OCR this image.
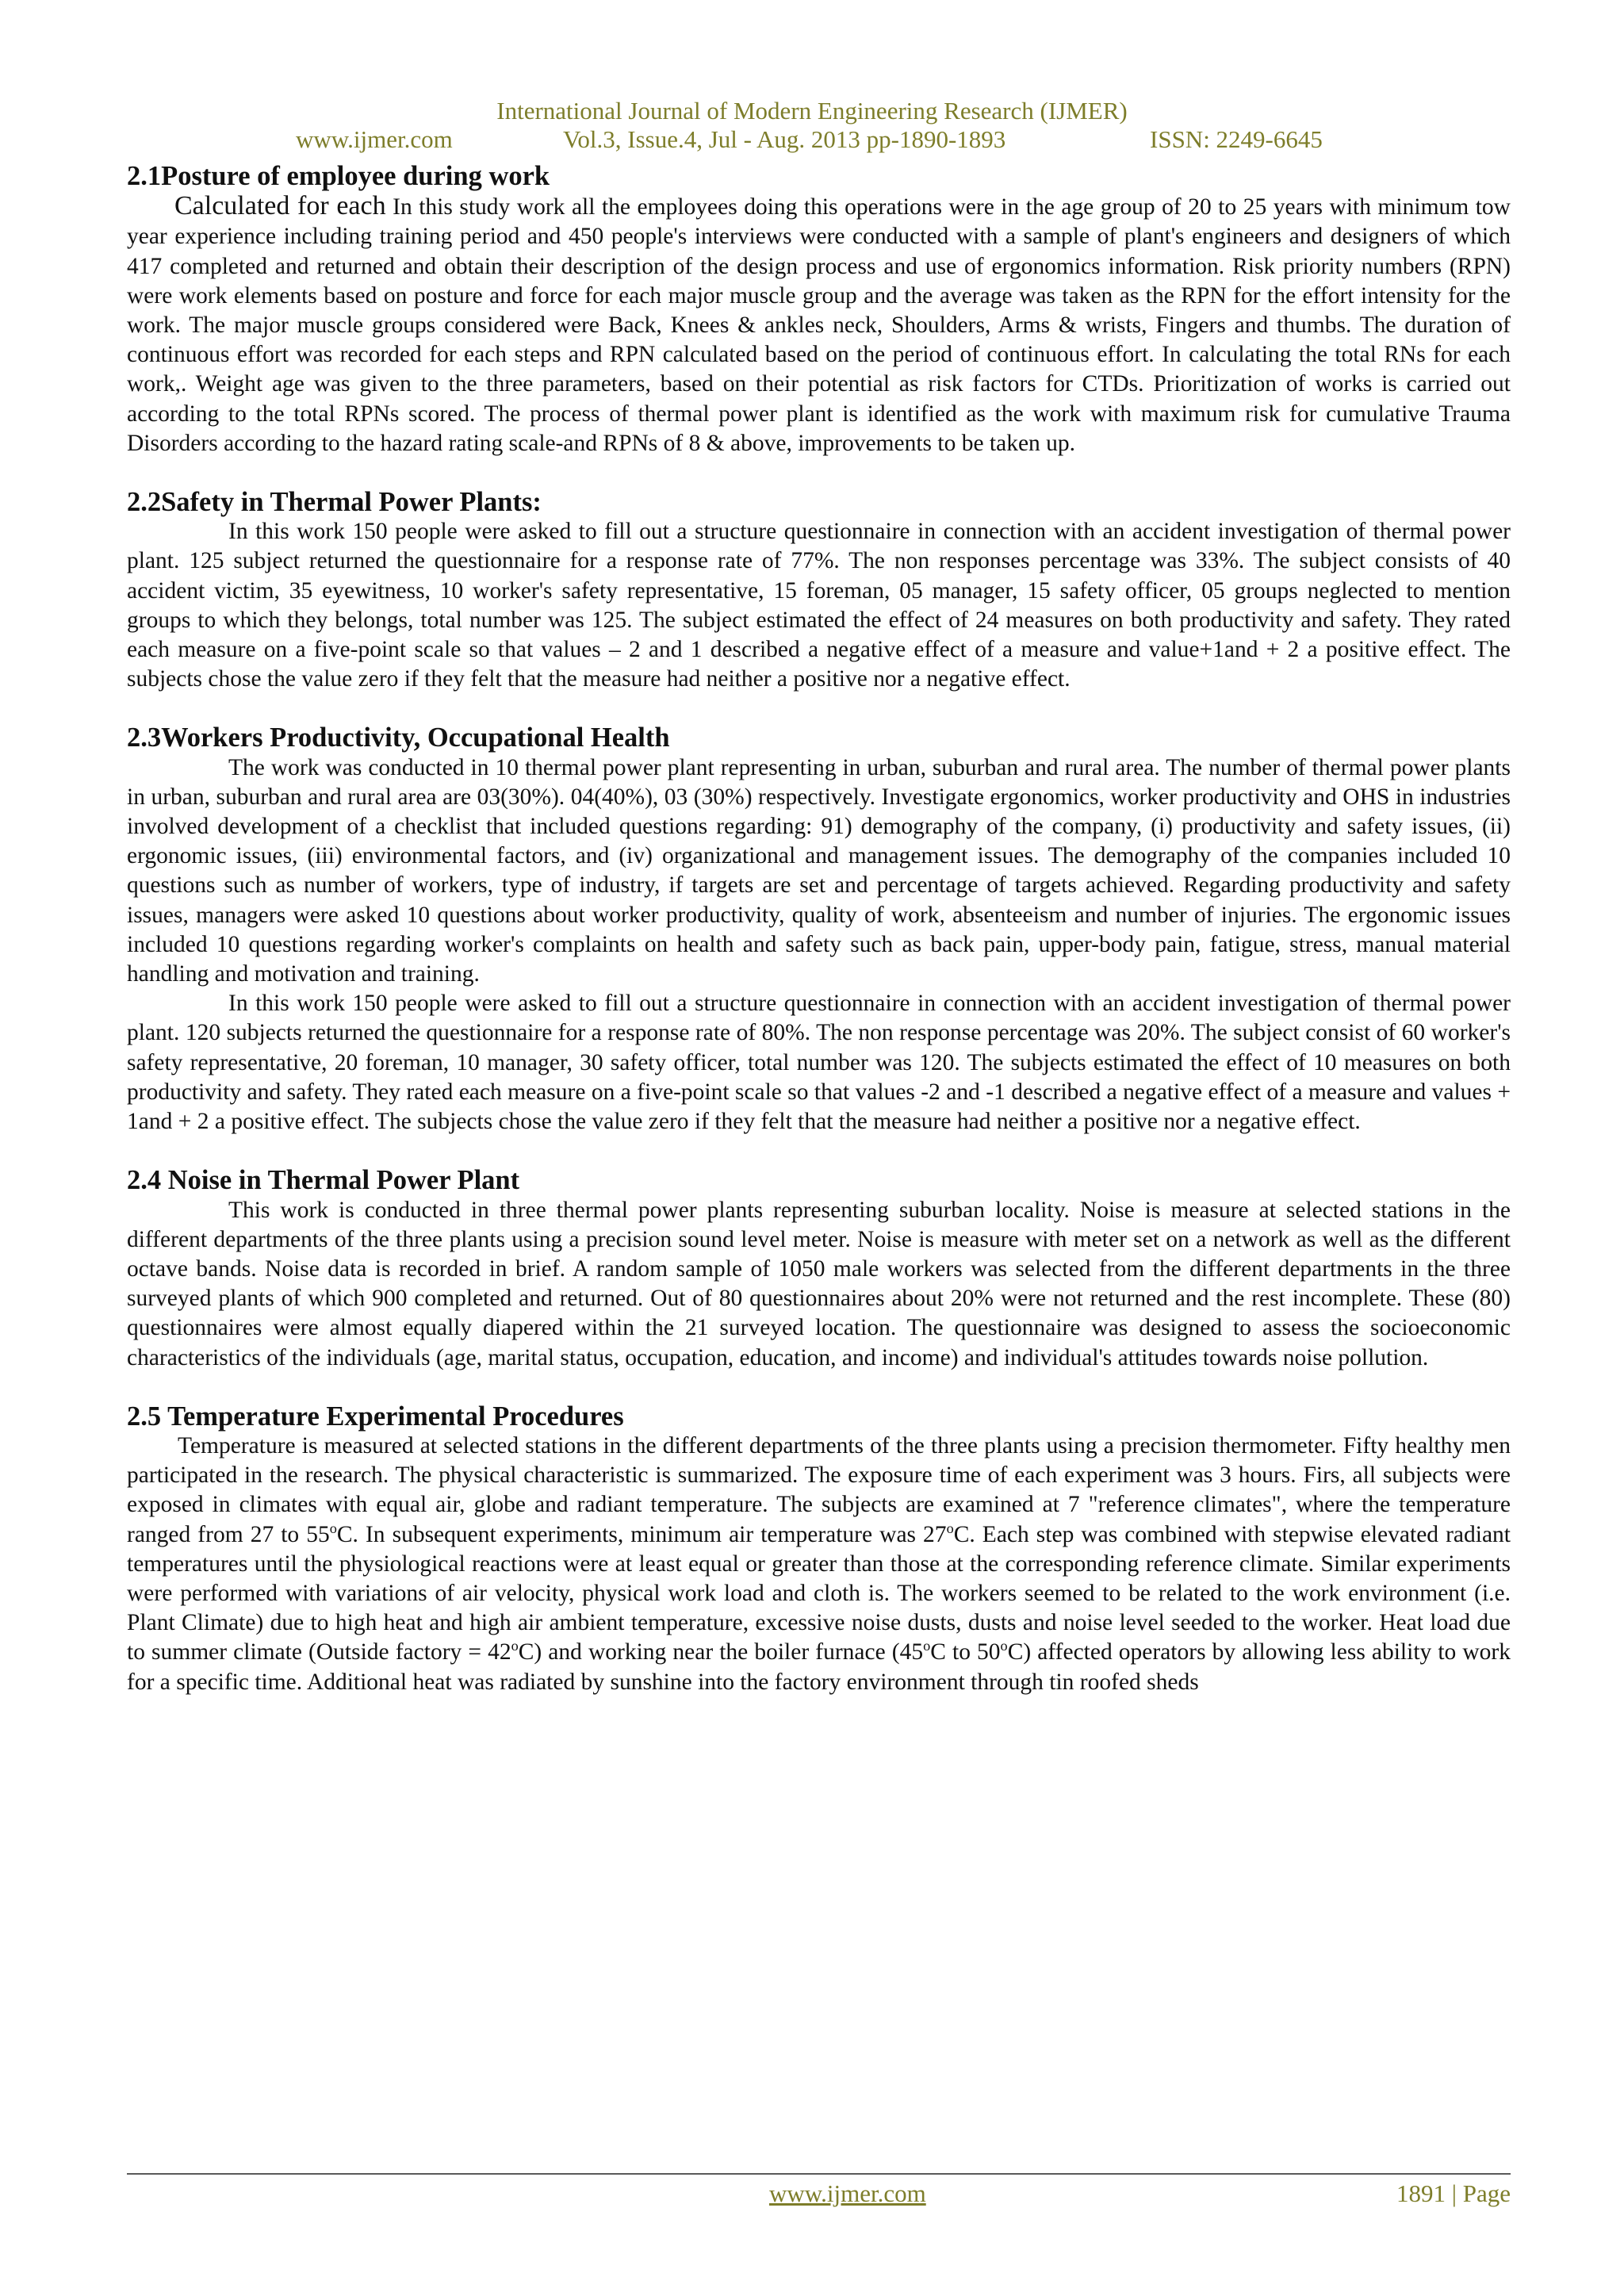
International Journal of Modern Engineering Research (IJMER)
www.ijmer.com	Vol.3, Issue.4, Jul - Aug. 2013 pp-1890-1893	ISSN: 2249-6645
2.1Posture of employee during work

Calculated for each In this study work all the employees doing this operations were in the age group of 20 to 25 years with minimum tow year experience including training period and 450 people's interviews were conducted with a sample of plant's engineers and designers of which 417 completed and returned and obtain their description of the design process and use of ergonomics information. Risk priority numbers (RPN) were work elements based on posture and force for each major muscle group and the average was taken as the RPN for the effort intensity for the work. The major muscle groups considered were Back, Knees & ankles neck, Shoulders, Arms & wrists, Fingers and thumbs. The duration of continuous effort was recorded for each steps and RPN calculated based on the period of continuous effort. In calculating the total RNs for each work,. Weight age was given to the three parameters, based on their potential as risk factors for CTDs. Prioritization of works is carried out according to the total RPNs scored. The process of thermal power plant is identified as the work with maximum risk for cumulative Trauma Disorders according to the hazard rating scale-and RPNs of 8 & above, improvements to be taken up.

2.2Safety in Thermal Power Plants:

In this work 150 people were asked to fill out a structure questionnaire in connection with an accident investigation of thermal power plant. 125 subject returned the questionnaire for a response rate of 77%. The non responses percentage was 33%. The subject consists of 40 accident victim, 35 eyewitness, 10 worker's safety representative, 15 foreman, 05 manager, 15 safety officer, 05 groups neglected to mention groups to which they belongs, total number was 125. The subject estimated the effect of 24 measures on both productivity and safety. They rated each measure on a five-point scale so that values – 2 and 1 described a negative effect of a measure and value+1and + 2 a positive effect. The subjects chose the value zero if they felt that the measure had neither a positive nor a negative effect.

2.3Workers Productivity, Occupational Health

The work was conducted in 10 thermal power plant representing in urban, suburban and rural area. The number of thermal power plants in urban, suburban and rural area are 03(30%). 04(40%), 03 (30%) respectively. Investigate ergonomics, worker productivity and OHS in industries involved development of a checklist that included questions regarding: 91) demography of the company, (i) productivity and safety issues, (ii) ergonomic issues, (iii) environmental factors, and (iv) organizational and management issues. The demography of the companies included 10 questions such as number of workers, type of industry, if targets are set and percentage of targets achieved. Regarding productivity and safety issues, managers were asked 10 questions about worker productivity, quality of work, absenteeism and number of injuries. The ergonomic issues included 10 questions regarding worker's complaints on health and safety such as back pain, upper-body pain, fatigue, stress, manual material handling and motivation and training.

In this work 150 people were asked to fill out a structure questionnaire in connection with an accident investigation of thermal power plant. 120 subjects returned the questionnaire for a response rate of 80%. The non response percentage was 20%. The subject consist of 60 worker's safety representative, 20 foreman, 10 manager, 30 safety officer, total number was 120. The subjects estimated the effect of 10 measures on both productivity and safety. They rated each measure on a five-point scale so that values -2 and -1 described a negative effect of a measure and values + 1and + 2 a positive effect. The subjects chose the value zero if they felt that the measure had neither a positive nor a negative effect.

2.4 Noise in Thermal Power Plant

This work is conducted in three thermal power plants representing suburban locality. Noise is measure at selected stations in the different departments of the three plants using a precision sound level meter. Noise is measure with meter set on a network as well as the different octave bands. Noise data is recorded in brief. A random sample of 1050 male workers was selected from the different departments in the three surveyed plants of which 900 completed and returned. Out of 80 questionnaires about 20% were not returned and the rest incomplete. These (80) questionnaires were almost equally diapered within the 21 surveyed location. The questionnaire was designed to assess the socioeconomic characteristics of the individuals (age, marital status, occupation, education, and income) and individual's attitudes towards noise pollution.

2.5 Temperature Experimental Procedures

Temperature is measured at selected stations in the different departments of the three plants using a precision thermometer. Fifty healthy men participated in the research. The physical characteristic is summarized. The exposure time of each experiment was 3 hours. Firs, all subjects were exposed in climates with equal air, globe and radiant temperature. The subjects are examined at 7 "reference climates", where the temperature ranged from 27 to 55$^o$C. In subsequent experiments, minimum air temperature was 27$^o$C. Each step was combined with stepwise elevated radiant temperatures until the physiological reactions were at least equal or greater than those at the corresponding reference climate. Similar experiments were performed with variations of air velocity, physical work load and cloth is. The workers seemed to be related to the work environment (i.e. Plant Climate) due to high heat and high air ambient temperature, excessive noise dusts, dusts and noise level seeded to the worker. Heat load due to summer climate (Outside factory = $42^oC$) and working near the boiler furnace (45$^o$C to 50$^o$C) affected operators by allowing less ability to work for a specific time. Additional heat was radiated by sunshine into the factory environment through tin roofed sheds

www.ijmer.com	1891 | Page
